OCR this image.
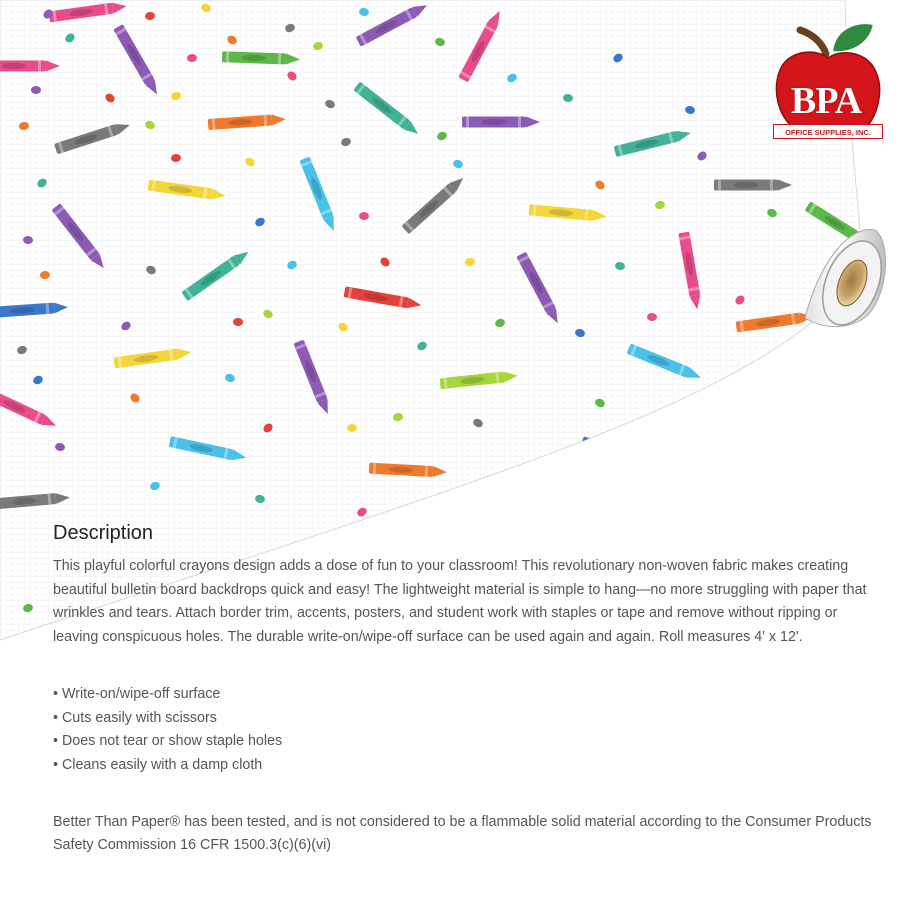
BPA
OFFICE SUPPLIES, INC.
Description

This playful colorful crayons design adds a dose of fun to your classroom! This revolutionary non-woven fabric makes creating beautiful bulletin board backdrops quick and easy! The lightweight material is simple to hang—no more struggling with paper that wrinkles and tears. Attach border trim, accents, posters, and student work with staples or tape and remove without ripping or leaving conspicuous holes. The durable write-on/wipe-off surface can be used again and again. Roll measures 4' x 12'.

• Write-on/wipe-off surface
• Cuts easily with scissors
• Does not tear or show staple holes
• Cleans easily with a damp cloth

Better Than Paper® has been tested, and is not considered to be a flammable solid material according to the Consumer Products Safety Commission 16 CFR 1500.3(c)(6)(vi)
